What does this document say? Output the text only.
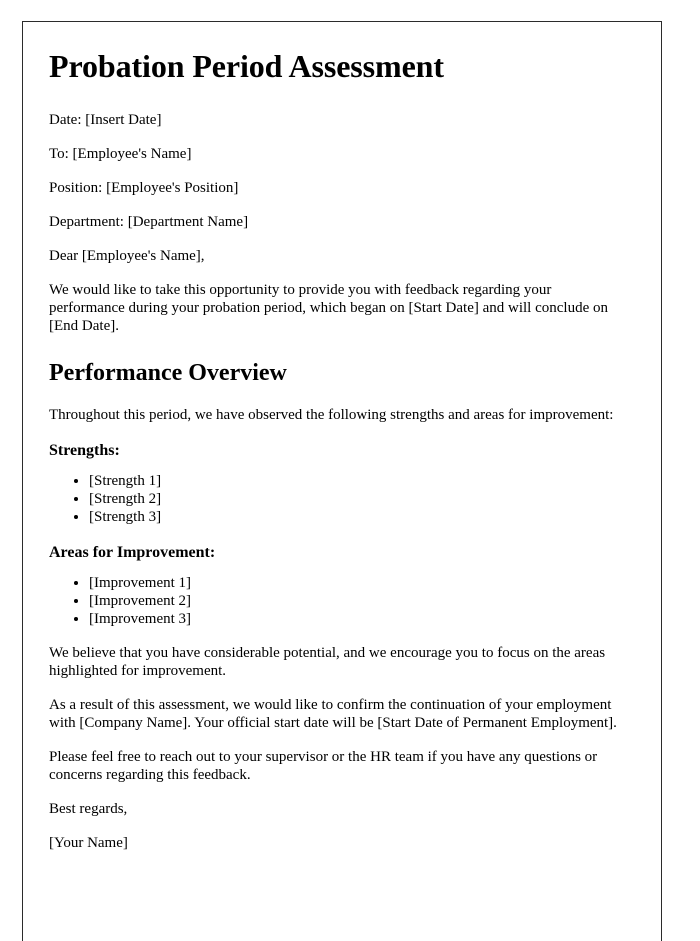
Probation Period Assessment

Date: [Insert Date]

To: [Employee's Name]

Position: [Employee's Position]

Department: [Department Name]

Dear [Employee's Name],

We would like to take this opportunity to provide you with feedback regarding your performance during your probation period, which began on [Start Date] and will conclude on [End Date].

Performance Overview

Throughout this period, we have observed the following strengths and areas for improvement:

Strengths:
• [Strength 1]
• [Strength 2]
• [Strength 3]
Areas for Improvement:
• [Improvement 1]
• [Improvement 2]
• [Improvement 3]

We believe that you have considerable potential, and we encourage you to focus on the areas highlighted for improvement.

As a result of this assessment, we would like to confirm the continuation of your employment with [Company Name]. Your official start date will be [Start Date of Permanent Employment].

Please feel free to reach out to your supervisor or the HR team if you have any questions or concerns regarding this feedback.

Best regards,

[Your Name]
